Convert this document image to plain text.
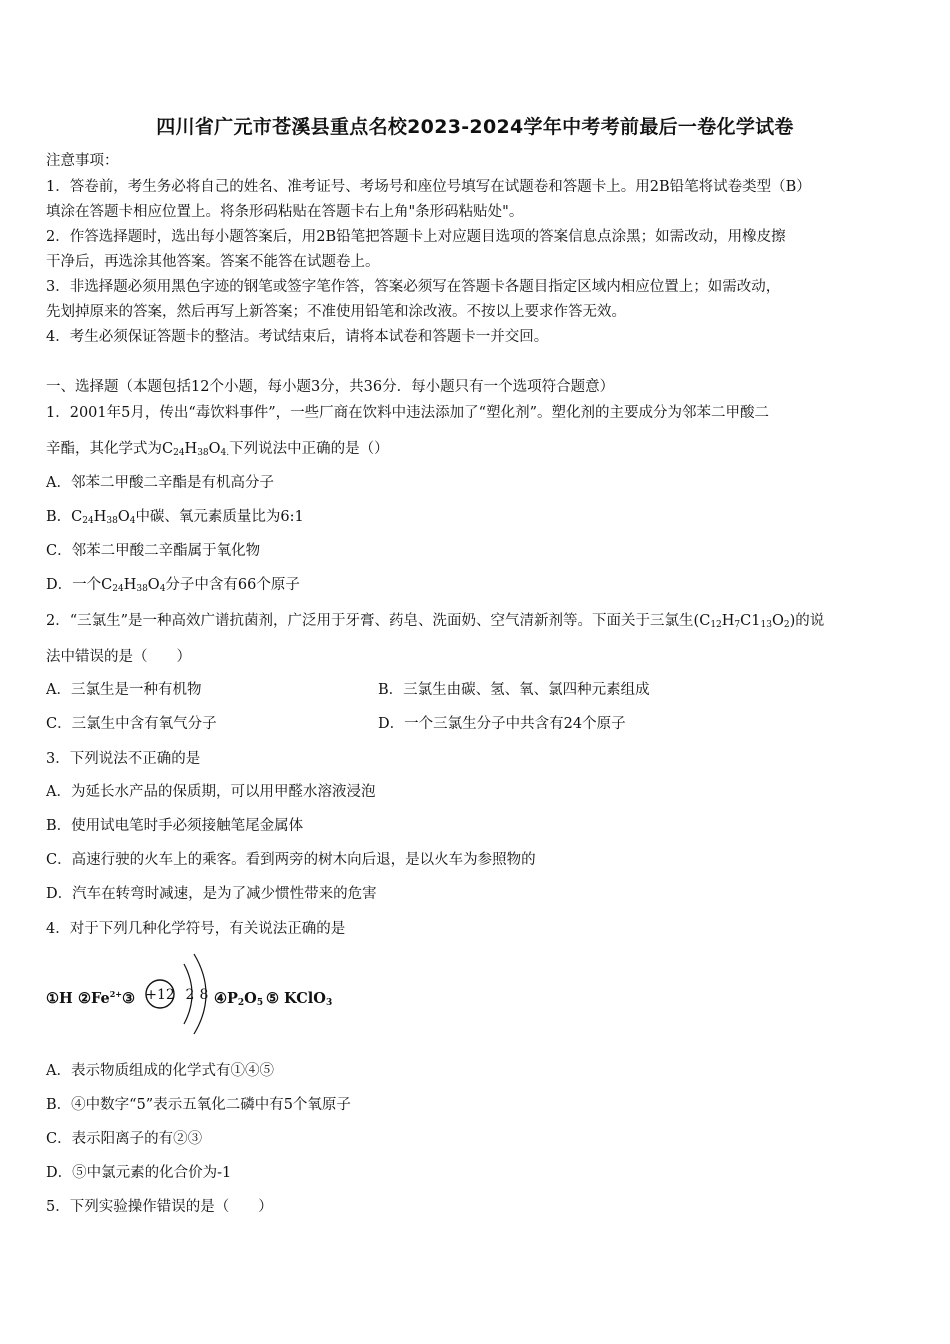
四川省广元市苍溪县重点名校2023-2024学年中考考前最后一卷化学试卷
注意事项：
1．答卷前，考生务必将自己的姓名、准考证号、考场号和座位号填写在试题卷和答题卡上。用2B铅笔将试卷类型（B）
填涂在答题卡相应位置上。将条形码粘贴在答题卡右上角"条形码粘贴处"。
2．作答选择题时，选出每小题答案后，用2B铅笔把答题卡上对应题目选项的答案信息点涂黑；如需改动，用橡皮擦
干净后，再选涂其他答案。答案不能答在试题卷上。
3．非选择题必须用黑色字迹的钢笔或签字笔作答，答案必须写在答题卡各题目指定区域内相应位置上；如需改动，
先划掉原来的答案，然后再写上新答案；不准使用铅笔和涂改液。不按以上要求作答无效。
4．考生必须保证答题卡的整洁。考试结束后，请将本试卷和答题卡一并交回。
一、选择题（本题包括12个小题，每小题3分，共36分．每小题只有一个选项符合题意）
1．2001年5月，传出“毒饮料事件”，一些厂商在饮料中违法添加了“塑化剂”。塑化剂的主要成分为邻苯二甲酸二
辛酯，其化学式为$C_{24}H_{38}O_{4.}$下列说法中正确的是（）
A．邻苯二甲酸二辛酯是有机高分子
B．$C_{24}H_{38}O_4$中碳、氧元素质量比为6:1
C．邻苯二甲酸二辛酯属于氧化物
D．一个$C_{24}H_{38}O_4$分子中含有66个原子
2．“三氯生”是一种高效广谱抗菌剂，广泛用于牙膏、药皂、洗面奶、空气清新剂等。下面关于三氯生$(C_{12}H_7C1_{13}O_2)$的说
法中错误的是（　　）
A．三氯生是一种有机物	B．三氯生由碳、氢、氧、氯四种元素组成
C．三氯生中含有氧气分子	D．一个三氯生分子中共含有24个原子
3．下列说法不正确的是
A．为延长水产品的保质期，可以用甲醛水溶液浸泡
B．使用试电笔时手必须接触笔尾金属体
C．高速行驶的火车上的乘客。看到两旁的树木向后退，是以火车为参照物的
D．汽车在转弯时减速，是为了减少惯性带来的危害
4．对于下列几种化学符号，有关说法正确的是
①H $②Fe^{2+}$ ③ +12 2 8 $④P_2O_5$ ⑤ KClO$_3$
A．表示物质组成的化学式有①④⑤
B．④中数字“5”表示五氧化二磷中有5个氧原子
C．表示阳离子的有②③
D．⑤中氯元素的化合价为-1
5．下列实验操作错误的是（　　）
